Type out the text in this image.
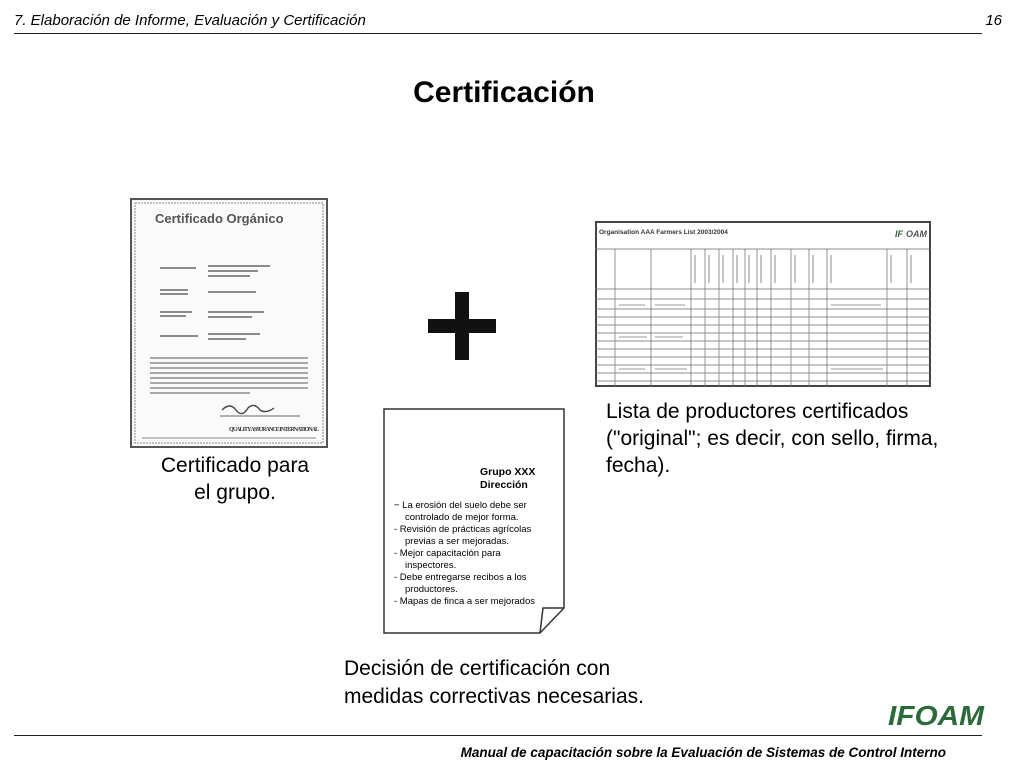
7. Elaboración de Informe, Evaluación y Certificación	16
Certificación
QUALITY ASSURANCE INTERNATIONAL
Certificado Orgánico
Certificado para
el grupo.
Organisation AAA Farmers List 2003/2004	IF OAM
Lista de productores certificados ("original"; es decir, con sello, firma, fecha).
Grupo XXX
Dirección
− La erosión del suelo debe ser controlado de mejor forma.
- Revisión de prácticas agrícolas previas a ser mejoradas.
- Mejor capacitación para inspectores.
- Debe entregarse recibos a los productores.
- Mapas de finca a ser mejorados
Decisión de certificación con
medidas correctivas necesarias.
IFOAM
Manual de capacitación sobre la Evaluación de Sistemas de Control Interno
